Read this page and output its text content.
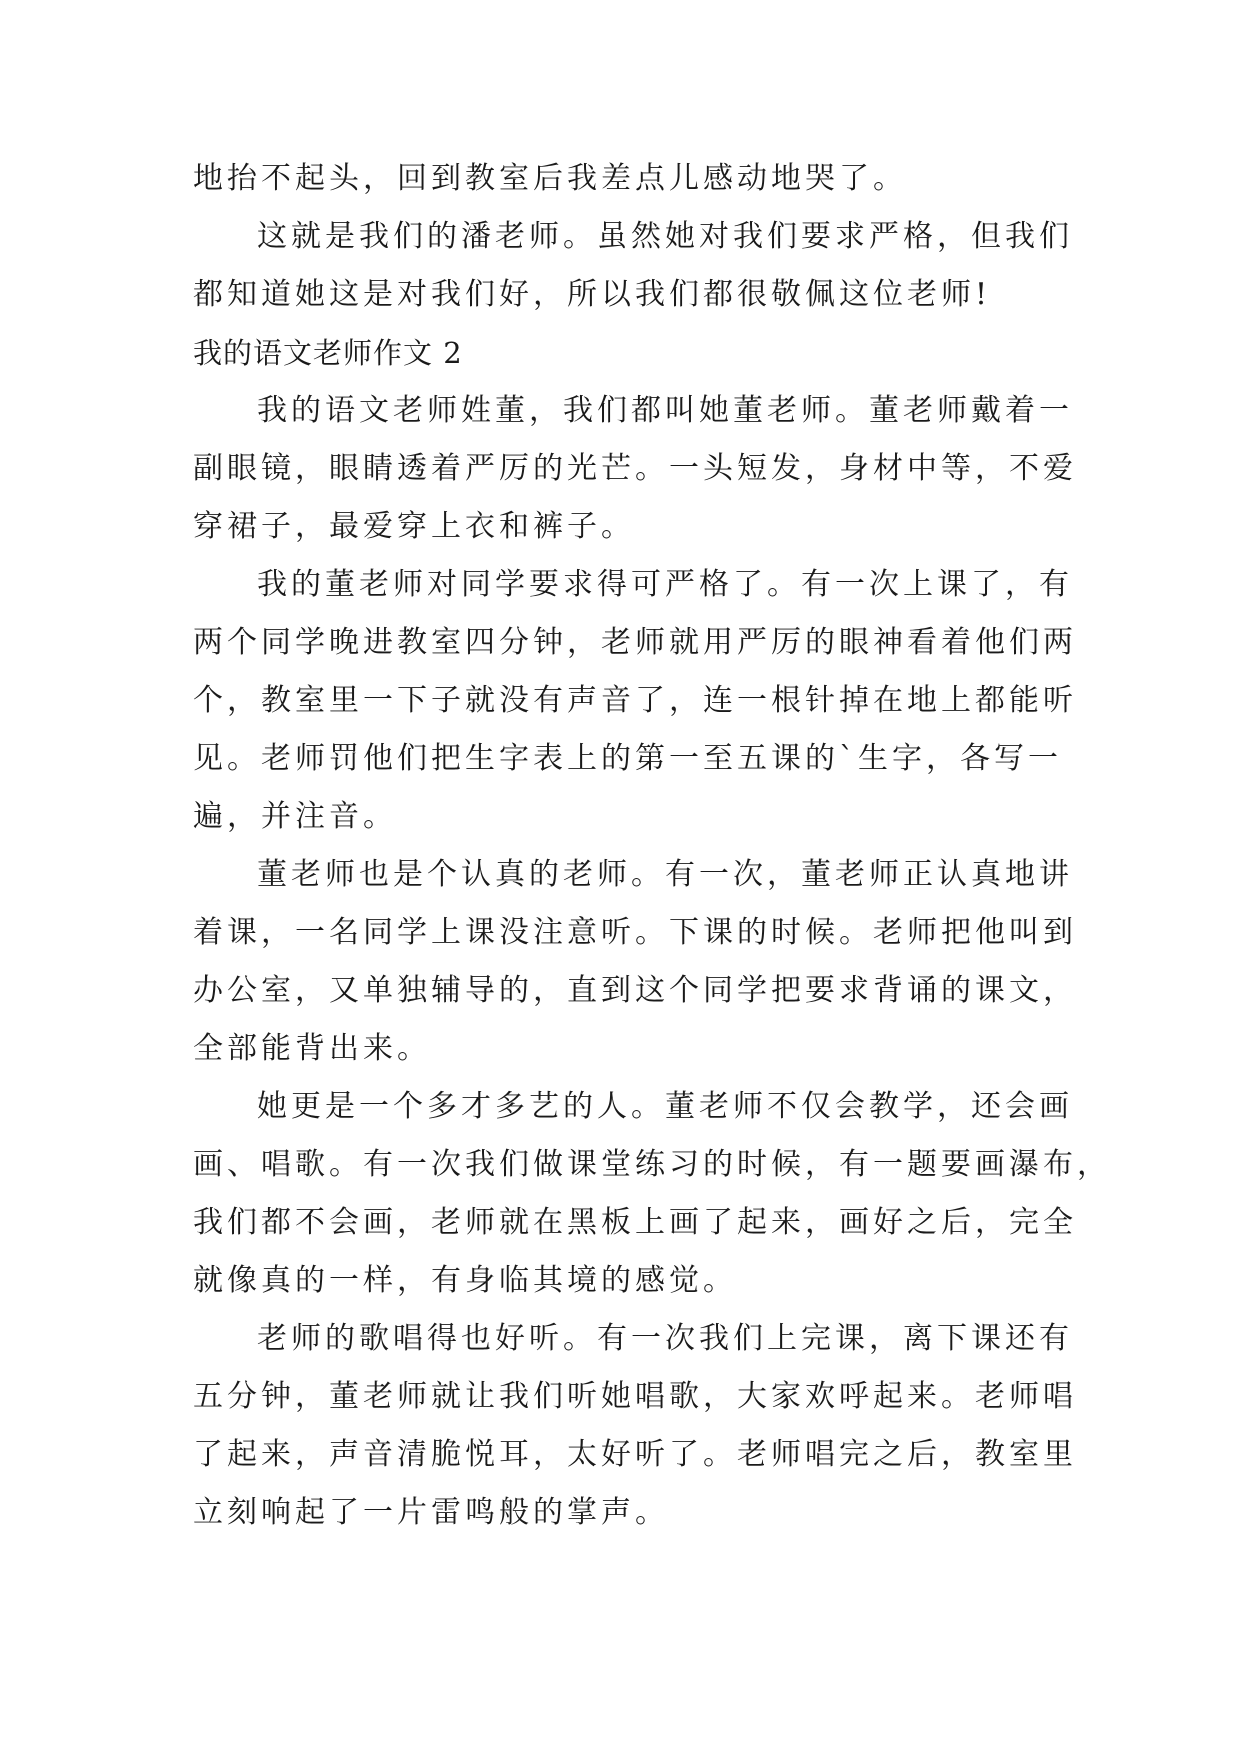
地抬不起头，回到教室后我差点儿感动地哭了。

这就是我们的潘老师。虽然她对我们要求严格，但我们

都知道她这是对我们好，所以我们都很敬佩这位老师!

我的语文老师作文 2

我的语文老师姓董，我们都叫她董老师。董老师戴着一

副眼镜，眼睛透着严厉的光芒。一头短发，身材中等，不爱

穿裙子，最爱穿上衣和裤子。

我的董老师对同学要求得可严格了。有一次上课了，有

两个同学晚进教室四分钟，老师就用严厉的眼神看着他们两

个，教室里一下子就没有声音了，连一根针掉在地上都能听

见。老师罚他们把生字表上的第一至五课的`生字，各写一

遍，并注音。

董老师也是个认真的老师。有一次，董老师正认真地讲

着课，一名同学上课没注意听。下课的时候。老师把他叫到

办公室，又单独辅导的，直到这个同学把要求背诵的课文，

全部能背出来。

她更是一个多才多艺的人。董老师不仅会教学，还会画

画、唱歌。有一次我们做课堂练习的时候，有一题要画瀑布，

我们都不会画，老师就在黑板上画了起来，画好之后，完全

就像真的一样，有身临其境的感觉。

老师的歌唱得也好听。有一次我们上完课，离下课还有

五分钟，董老师就让我们听她唱歌，大家欢呼起来。老师唱

了起来，声音清脆悦耳，太好听了。老师唱完之后，教室里

立刻响起了一片雷鸣般的掌声。
